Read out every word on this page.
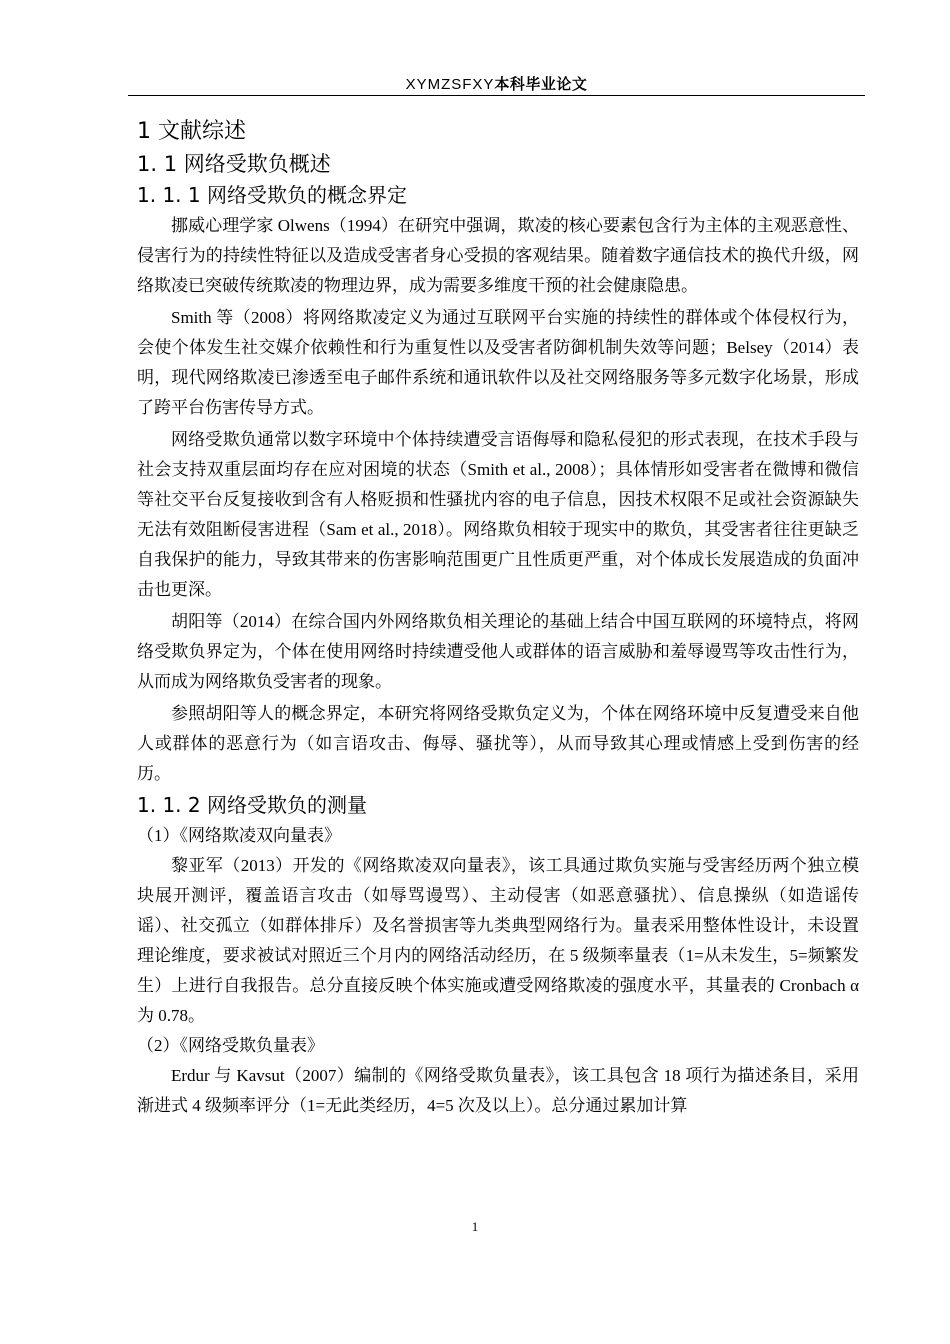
XYMZSFXY本科毕业论文
1 文献综述
1. 1 网络受欺负概述
1. 1. 1 网络受欺负的概念界定

挪威心理学家 Olwens（1994）在研究中强调，欺凌的核心要素包含行为主体的主观恶意性、侵害行为的持续性特征以及造成受害者身心受损的客观结果。随着数字通信技术的换代升级，网络欺凌已突破传统欺凌的物理边界，成为需要多维度干预的社会健康隐患。

Smith 等（2008）将网络欺凌定义为通过互联网平台实施的持续性的群体或个体侵权行为，会使个体发生社交媒介依赖性和行为重复性以及受害者防御机制失效等问题；Belsey（2014）表明，现代网络欺凌已渗透至电子邮件系统和通讯软件以及社交网络服务等多元数字化场景，形成了跨平台伤害传导方式。

网络受欺负通常以数字环境中个体持续遭受言语侮辱和隐私侵犯的形式表现，在技术手段与社会支持双重层面均存在应对困境的状态（Smith et al., 2008）；具体情形如受害者在微博和微信等社交平台反复接收到含有人格贬损和性骚扰内容的电子信息，因技术权限不足或社会资源缺失无法有效阻断侵害进程（Sam et al., 2018）。网络欺负相较于现实中的欺负，其受害者往往更缺乏自我保护的能力，导致其带来的伤害影响范围更广且性质更严重，对个体成长发展造成的负面冲击也更深。

胡阳等（2014）在综合国内外网络欺负相关理论的基础上结合中国互联网的环境特点，将网络受欺负界定为，个体在使用网络时持续遭受他人或群体的语言威胁和羞辱谩骂等攻击性行为，从而成为网络欺负受害者的现象。

参照胡阳等人的概念界定，本研究将网络受欺负定义为，个体在网络环境中反复遭受来自他人或群体的恶意行为（如言语攻击、侮辱、骚扰等），从而导致其心理或情感上受到伤害的经历。

1. 1. 2 网络受欺负的测量

（1）《网络欺凌双向量表》

黎亚军（2013）开发的《网络欺凌双向量表》，该工具通过欺负实施与受害经历两个独立模块展开测评，覆盖语言攻击（如辱骂谩骂）、主动侵害（如恶意骚扰）、信息操纵（如造谣传谣）、社交孤立（如群体排斥）及名誉损害等九类典型网络行为。量表采用整体性设计，未设置理论维度，要求被试对照近三个月内的网络活动经历，在 5 级频率量表（1=从未发生，5=频繁发生）上进行自我报告。总分直接反映个体实施或遭受网络欺凌的强度水平，其量表的 Cronbach α为 0.78。

（2）《网络受欺负量表》

Erdur 与 Kavsut（2007）编制的《网络受欺负量表》，该工具包含 18 项行为描述条目，采用渐进式 4 级频率评分（1=无此类经历，4=5 次及以上）。总分通过累加计算

1
